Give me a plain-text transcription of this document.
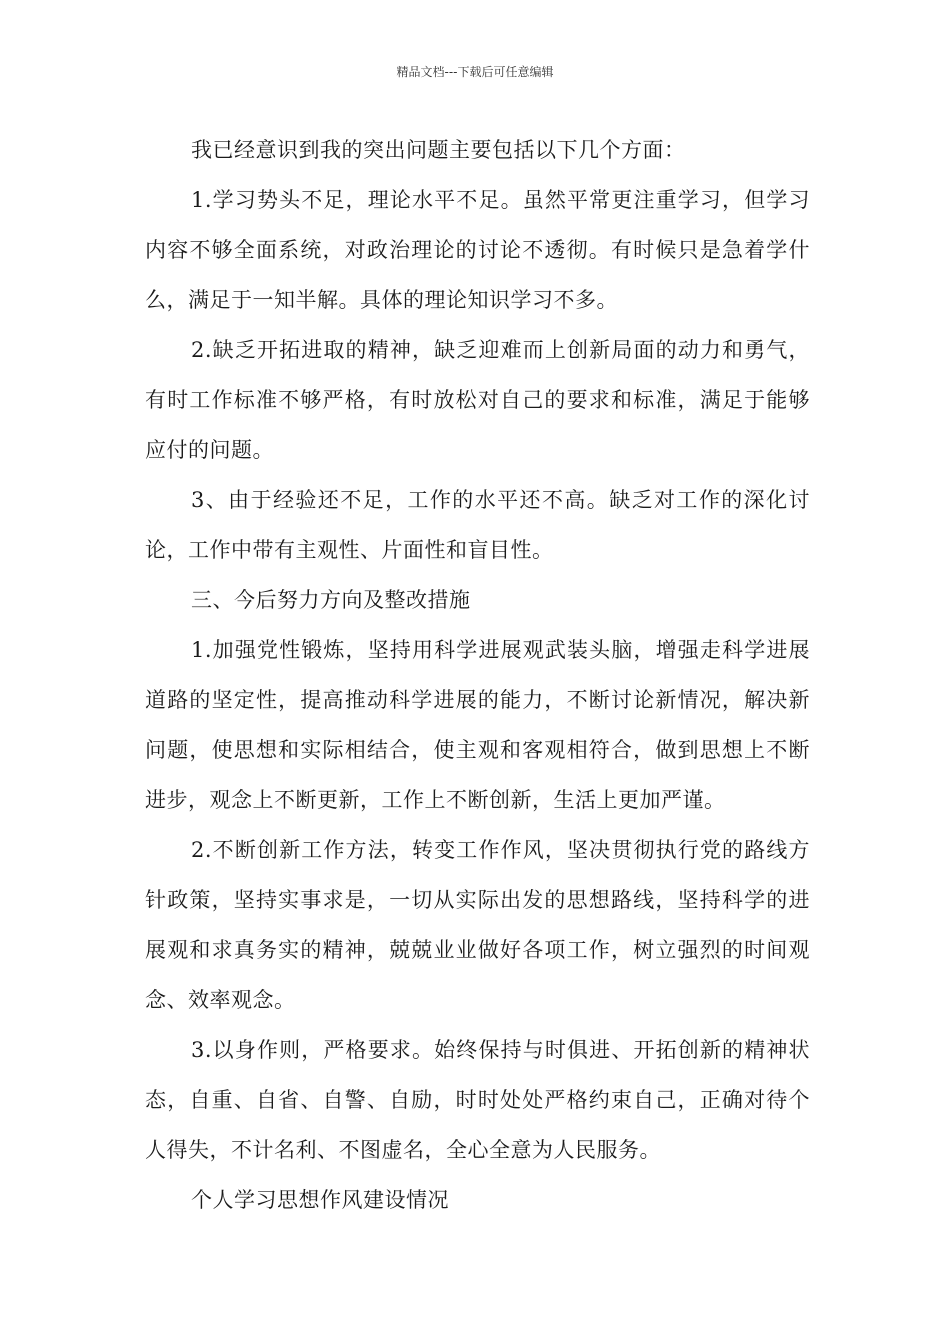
精品文档---下载后可任意编辑

我已经意识到我的突出问题主要包括以下几个方面：

1.学习势头不足，理论水平不足。虽然平常更注重学习，但学习内容不够全面系统，对政治理论的讨论不透彻。有时候只是急着学什么，满足于一知半解。具体的理论知识学习不多。

2.缺乏开拓进取的精神，缺乏迎难而上创新局面的动力和勇气，有时工作标准不够严格，有时放松对自己的要求和标准，满足于能够应付的问题。

3、由于经验还不足，工作的水平还不高。缺乏对工作的深化讨论，工作中带有主观性、片面性和盲目性。

三、今后努力方向及整改措施

1.加强党性锻炼，坚持用科学进展观武装头脑，增强走科学进展道路的坚定性，提高推动科学进展的能力，不断讨论新情况，解决新问题，使思想和实际相结合，使主观和客观相符合，做到思想上不断进步，观念上不断更新，工作上不断创新，生活上更加严谨。

2.不断创新工作方法，转变工作作风，坚决贯彻执行党的路线方针政策，坚持实事求是，一切从实际出发的思想路线，坚持科学的进展观和求真务实的精神，兢兢业业做好各项工作，树立强烈的时间观念、效率观念。

3.以身作则，严格要求。始终保持与时俱进、开拓创新的精神状态，自重、自省、自警、自励，时时处处严格约束自己，正确对待个人得失，不计名利、不图虚名，全心全意为人民服务。

个人学习思想作风建设情况
